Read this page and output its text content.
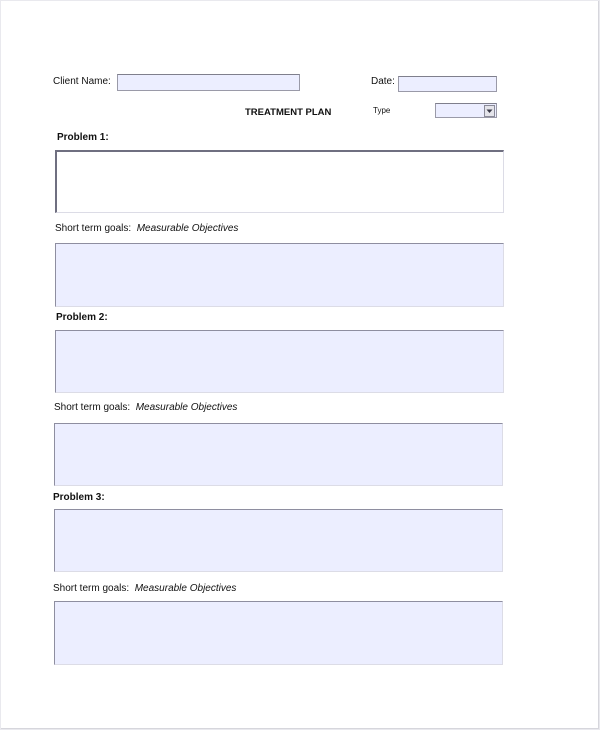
Client Name:	Date:
TREATMENT PLAN	Type
Problem 1:
Short term goals: Measurable Objectives
Problem 2:
Short term goals: Measurable Objectives
Problem 3:
Short term goals: Measurable Objectives
